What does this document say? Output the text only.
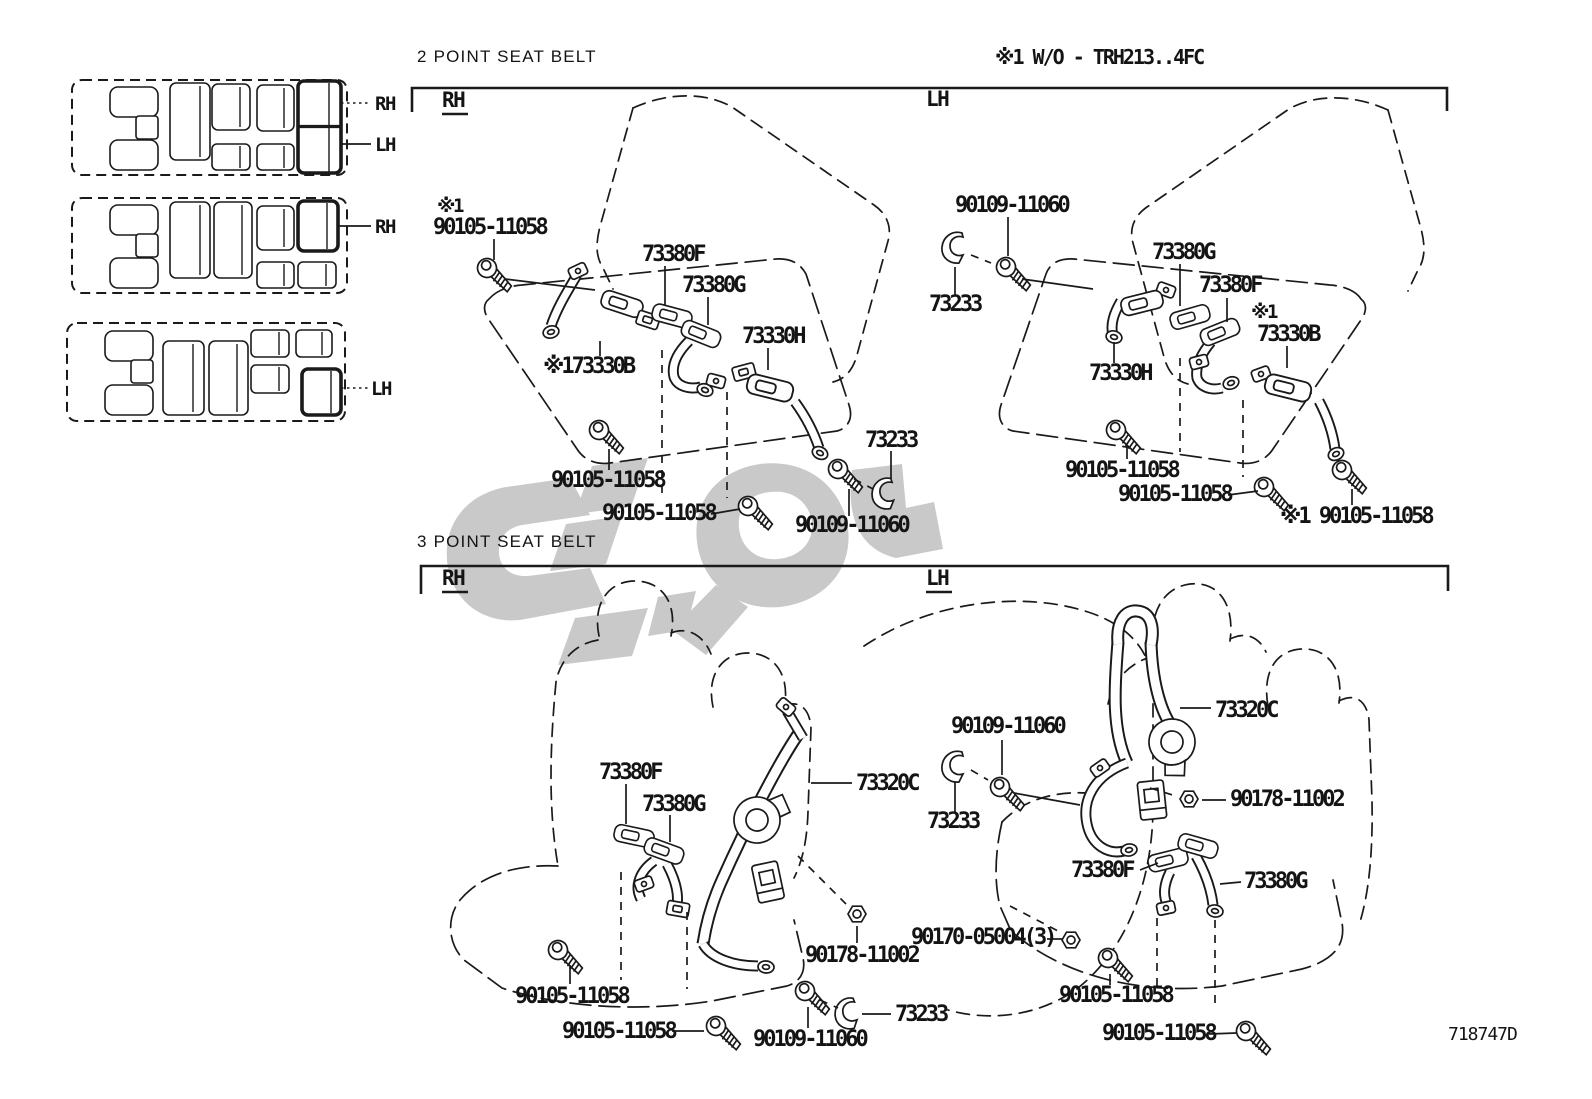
RH
LH
RH
LH
2 POINT SEAT BELT	※1 W/O - TRH213..4FC
RH	LH
※1
90105-11058
73380F
73380G
73330H
※173330B
90105-11058
90105-11058
73233
90109-11060
90109-11060
73233
73380G
73380F
※1
73330B
73330H
90105-11058
90105-11058
※1 90105-11058
3 POINT SEAT BELT
RH	LH
73380F
73380G
73320C
90178-11002
90105-11058
90105-11058	90109-11060
73233
90109-11060
73233
73320C
90178-11002
73380F	73380G
90170-05004(3)
90105-11058
90105-11058	718747D
